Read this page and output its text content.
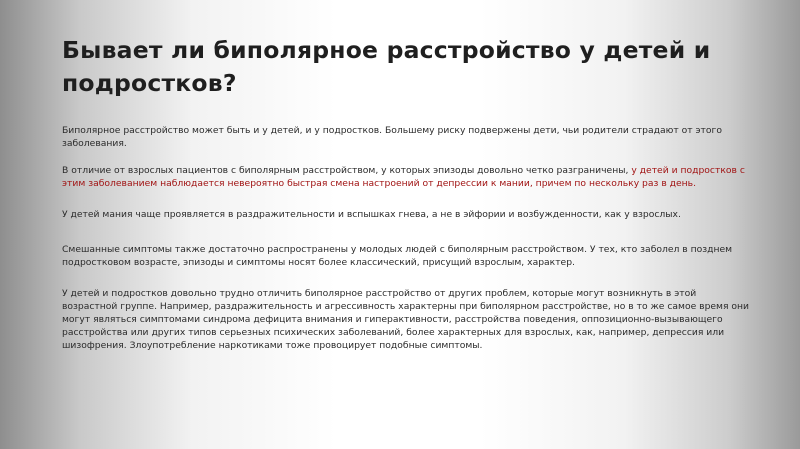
Бывает ли биполярное расстройство у детей и подростков?

Биполярное расстройство может быть и у детей, и у подростков. Большему риску подвержены дети, чьи родители страдают от этого заболевания.

В отличие от взрослых пациентов с биполярным расстройством, у которых эпизоды довольно четко разграничены, у детей и подростков с этим заболеванием наблюдается невероятно быстрая смена настроений от депрессии к мании, причем по нескольку раз в день.

У детей мания чаще проявляется в раздражительности и вспышках гнева, а не в эйфории и возбужденности, как у взрослых.

Смешанные симптомы также достаточно распространены у молодых людей с биполярным расстройством. У тех, кто заболел в позднем подростковом возрасте, эпизоды и симптомы носят более классический, присущий взрослым, характер.

У детей и подростков довольно трудно отличить биполярное расстройство от других проблем, которые могут возникнуть в этой возрастной группе. Например, раздражительность и агрессивность характерны при биполярном расстройстве, но в то же самое время они могут являться симптомами синдрома дефицита внимания и гиперактивности, расстройства поведения, оппозиционно-вызывающего расстройства или других типов серьезных психических заболеваний, более характерных для взрослых, как, например, депрессия или шизофрения. Злоупотребление наркотиками тоже провоцирует подобные симптомы.
